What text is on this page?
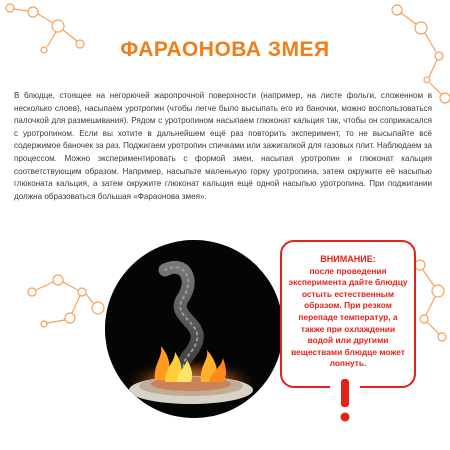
ФАРАОНОВА ЗМЕЯ

В блюдце, стоящее на негорючей жаропрочной поверхности (например, на листе фольги, сложенном в несколько слоев), насыпаем уротропин (чтобы легче было высыпать его из баночки, можно воспользоваться палочкой для размешивания). Рядом с уротропином насыпаем глюконат кальция так, чтобы он соприкасался с уротропином. Если вы хотите в дальнейшем ещё раз повторить эксперимент, то не высыпайте всё содержимое баночек за раз. Поджигаем уротропин спичками или зажигалкой для газовых плит. Наблюдаем за процессом. Можно экспериментировать с формой змеи, насыпая уротропин и глюконат кальция соответствующим образом. Например, насыпьте маленькую горку уротропина, затем окружите её насыпью глюконата кальция, а затем окружите глюконат кальция ещё одной насыпью уротропина. При поджигании должна образоваться большая «Фараонова змея».

ВНИМАНИЕ:
после проведения эксперимента дайте блюдцу остыть естественным образом. При резком перепаде температур, а также при охлаждении водой или другими веществами блюдце может лопнуть.
